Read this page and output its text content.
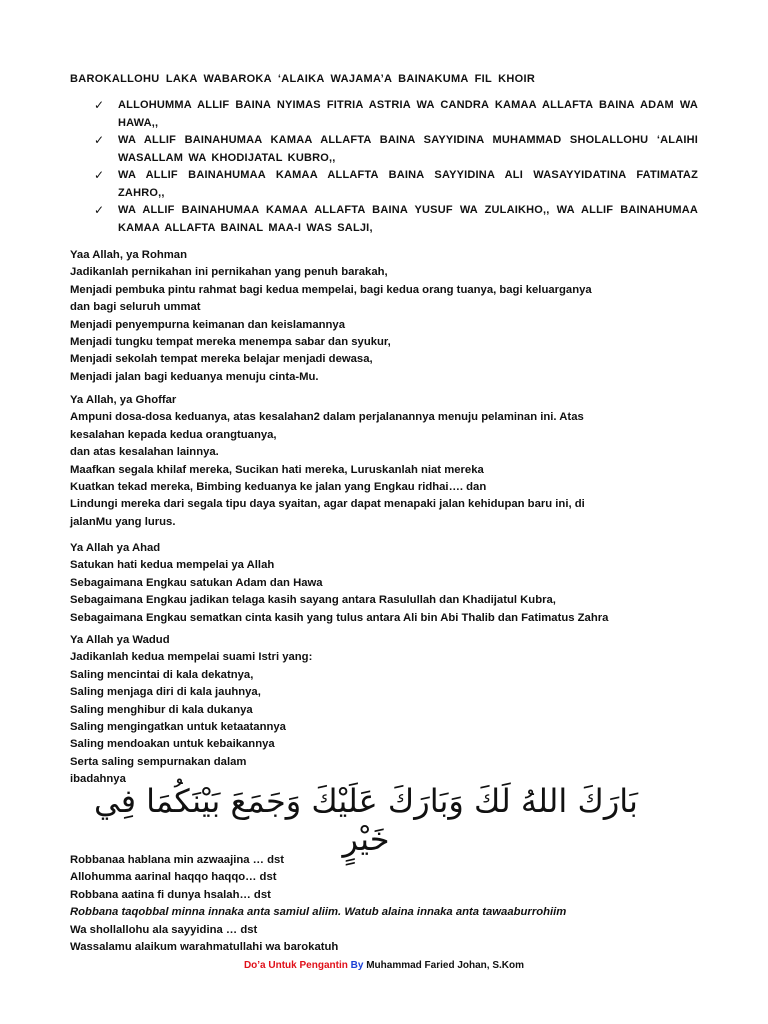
BAROKALLOHU LAKA WABAROKA ‘ALAIKA WAJAMA’A BAINAKUMA FIL KHOIR
✓ ALLOHUMMA ALLIF BAINA NYIMAS FITRIA ASTRIA WA CANDRA KAMAA ALLAFTA BAINA ADAM WA HAWA,,
✓ WA ALLIF BAINAHUMAA KAMAA ALLAFTA BAINA SAYYIDINA MUHAMMAD SHOLALLOHU ‘ALAIHI WASALLAM WA KHODIJATAL KUBRO,,
✓ WA ALLIF BAINAHUMAA KAMAA ALLAFTA BAINA SAYYIDINA ALI WASAYYIDATINA FATIMATAZ ZAHRO,,
✓ WA ALLIF BAINAHUMAA KAMAA ALLAFTA BAINA YUSUF WA ZULAIKHO,, WA ALLIF BAINAHUMAA KAMAA ALLAFTA BAINAL MAA-I WAS SALJI,
Yaa Allah, ya Rohman
Jadikanlah pernikahan ini pernikahan yang penuh barakah,
Menjadi pembuka pintu rahmat bagi kedua mempelai, bagi kedua orang tuanya, bagi keluarganya
dan bagi seluruh ummat
Menjadi penyempurna keimanan dan keislamannya
Menjadi tungku tempat mereka menempa sabar dan syukur,
Menjadi sekolah tempat mereka belajar menjadi dewasa,
Menjadi jalan bagi keduanya menuju cinta-Mu.
Ya Allah, ya Ghoffar
Ampuni dosa-dosa keduanya, atas kesalahan2 dalam perjalanannya menuju pelaminan ini. Atas
kesalahan kepada kedua orangtuanya,
dan atas kesalahan lainnya.
Maafkan segala khilaf mereka, Sucikan hati mereka, Luruskanlah niat mereka
Kuatkan tekad mereka, Bimbing keduanya ke jalan yang Engkau ridhai…. dan
Lindungi mereka dari segala tipu daya syaitan, agar dapat menapaki jalan kehidupan baru ini, di
jalanMu yang lurus.
Ya Allah ya Ahad
Satukan hati kedua mempelai ya Allah
Sebagaimana Engkau satukan Adam dan Hawa
Sebagaimana Engkau jadikan telaga kasih sayang antara Rasulullah dan Khadijatul Kubra,
Sebagaimana Engkau sematkan cinta kasih yang tulus antara Ali bin Abi Thalib dan Fatimatus Zahra
Ya Allah ya Wadud
Jadikanlah kedua mempelai suami Istri yang:
Saling mencintai di kala dekatnya,
Saling menjaga diri di kala jauhnya,
Saling menghibur di kala dukanya
Saling mengingatkan untuk ketaatannya
Saling mendoakan untuk kebaikannya
Serta saling sempurnakan dalam
ibadahnya
بَارَكَ اللهُ لَكَ وَبَارَكَ عَلَيْكَ وَجَمَعَ بَيْنَكُمَا فِي خَيْرٍ
Robbanaa hablana min azwaajina … dst
Allohumma aarinal haqqo haqqo… dst
Robbana aatina fi dunya hsalah… dst
Robbana taqobbal minna innaka anta samiul aliim. Watub alaina innaka anta tawaaburrohiim
Wa shollallohu ala sayyidina … dst
Wassalamu alaikum warahmatullahi wa barokatuh
Do’a Untuk Pengantin By Muhammad Faried Johan, S.Kom
